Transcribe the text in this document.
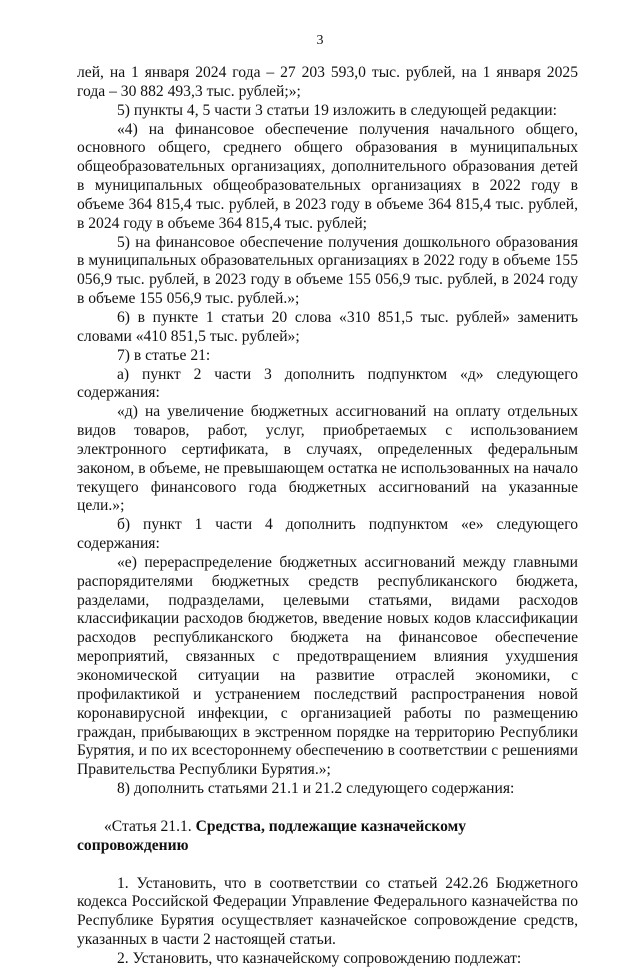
3

лей, на 1 января 2024 года – 27 203 593,0 тыс. рублей, на 1 января 2025 года – 30 882 493,3 тыс. рублей;»;

5) пункты 4, 5 части 3 статьи 19 изложить в следующей редакции:

«4) на финансовое обеспечение получения начального общего, основного общего, среднего общего образования в муниципальных общеобразовательных организациях, дополнительного образования детей в муниципальных общеобразовательных организациях в 2022 году в объеме 364 815,4 тыс. рублей, в 2023 году в объеме 364 815,4 тыс. рублей, в 2024 году в объеме 364 815,4 тыс. рублей;

5) на финансовое обеспечение получения дошкольного образования в муниципальных образовательных организациях в 2022 году в объеме 155 056,9 тыс. рублей, в 2023 году в объеме 155 056,9 тыс. рублей, в 2024 году в объеме 155 056,9 тыс. рублей.»;

6) в пункте 1 статьи 20 слова «310 851,5 тыс. рублей» заменить словами «410 851,5 тыс. рублей»;

7) в статье 21:

а) пункт 2 части 3 дополнить подпунктом «д» следующего содержания:

«д) на увеличение бюджетных ассигнований на оплату отдельных видов товаров, работ, услуг, приобретаемых с использованием электронного сертификата, в случаях, определенных федеральным законом, в объеме, не превышающем остатка не использованных на начало текущего финансового года бюджетных ассигнований на указанные цели.»;

б) пункт 1 части 4 дополнить подпунктом «е» следующего содержания:

«е) перераспределение бюджетных ассигнований между главными распорядителями бюджетных средств республиканского бюджета, разделами, подразделами, целевыми статьями, видами расходов классификации расходов бюджетов, введение новых кодов классификации расходов республиканского бюджета на финансовое обеспечение мероприятий, связанных с предотвращением влияния ухудшения экономической ситуации на развитие отраслей экономики, с профилактикой и устранением последствий распространения новой коронавирусной инфекции, с организацией работы по размещению граждан, прибывающих в экстренном порядке на территорию Республики Бурятия, и по их всестороннему обеспечению в соответствии с решениями Правительства Республики Бурятия.»;

8) дополнить статьями 21.1 и 21.2 следующего содержания:

«Статья 21.1. Средства, подлежащие казначейскому сопровождению

1. Установить, что в соответствии со статьей 242.26 Бюджетного кодекса Российской Федерации Управление Федерального казначейства по Республике Бурятия осуществляет казначейское сопровождение средств, указанных в части 2 настоящей статьи.

2. Установить, что казначейскому сопровождению подлежат:
